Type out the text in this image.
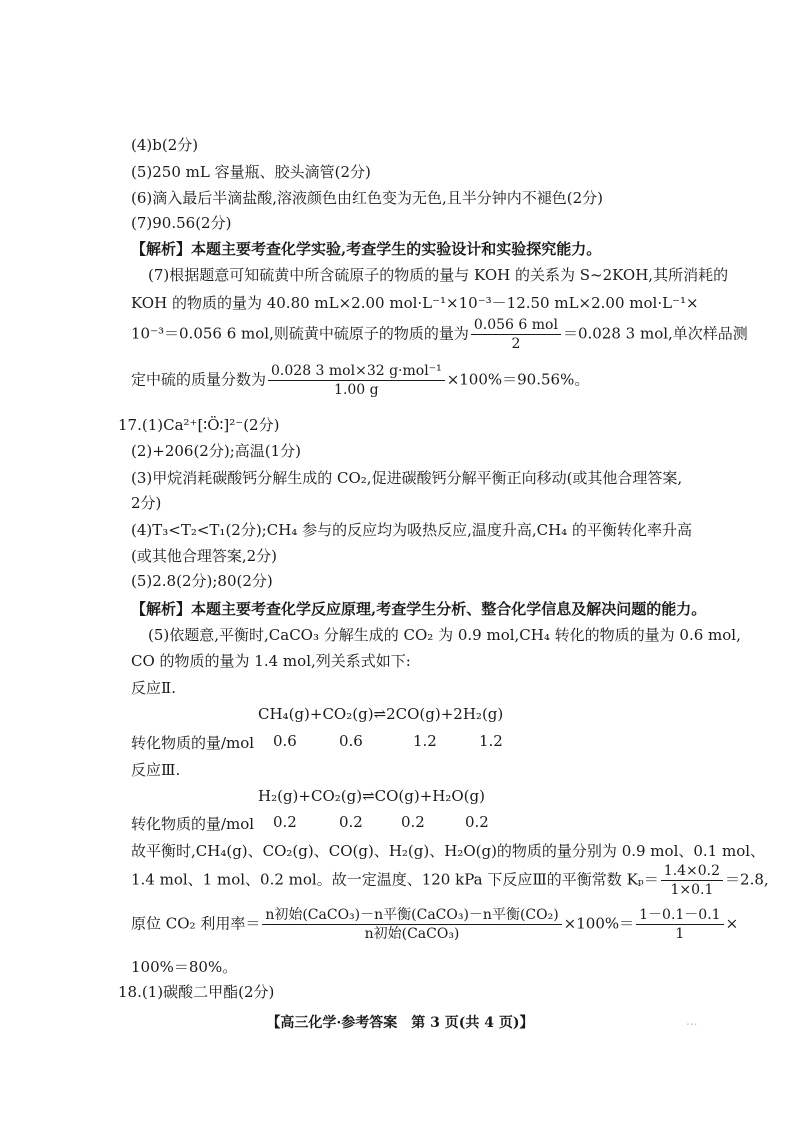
(4)b(2分)
(5)250 mL 容量瓶、胶头滴管(2分)
(6)滴入最后半滴盐酸,溶液颜色由红色变为无色,且半分钟内不褪色(2分)
(7)90.56(2分)
【解析】本题主要考查化学实验,考查学生的实验设计和实验探究能力。
(7)根据题意可知硫黄中所含硫原子的物质的量与 KOH 的关系为 S~2KOH,其所消耗的
KOH 的物质的量为 40.80 mL×2.00 mol·L⁻¹×10⁻³－12.50 mL×2.00 mol·L⁻¹×
10⁻³＝0.056 6 mol,则硫黄中硫原子的物质的量为 $\frac{\text{0.056 6 mol}}{2} =0.028$ 3 mol,单次样品测
定中硫的质量分数为 $\frac{\text{0.028 3 mol×32 g·mol⁻¹}}{1.00 g} \times 100\%=90.56\%$。
17.(1)Ca²⁺[∶Ö∶]²⁻(2分)
(2)+206(2分);高温(1分)
(3)甲烷消耗碳酸钙分解生成的 CO₂,促进碳酸钙分解平衡正向移动(或其他合理答案,
2分)
(4)T₃<T₂<T₁(2分);CH₄ 参与的反应均为吸热反应,温度升高,CH₄ 的平衡转化率升高
(或其他合理答案,2分)
(5)2.8(2分);80(2分)
【解析】本题主要考查化学反应原理,考查学生分析、整合化学信息及解决问题的能力。
(5)依题意,平衡时,CaCO₃ 分解生成的 CO₂ 为 0.9 mol,CH₄ 转化的物质的量为 0.6 mol,
CO 的物质的量为 1.4 mol,列关系式如下:
反应Ⅱ.
CH₄(g)+CO₂(g)⇌2CO(g)+2H₂(g)
转化物质的量/mol 0.6	0.6	1.2	1.2
反应Ⅲ.
H₂(g)+CO₂(g)⇌CO(g)+H₂O(g)
转化物质的量/mol 0.2	0.2	0.2	0.2
故平衡时,CH₄(g)、CO₂(g)、CO(g)、H₂(g)、H₂O(g)的物质的量分别为 0.9 mol、0.1 mol、
1.4 mol、1 mol、0.2 mol。故一定温度、120 kPa 下反应Ⅲ的平衡常数 $K_p= \frac{1.4\times 0.2}{1\times 0.1} =2.8$,
原位 CO₂ 利用率＝ $\frac{\text{n初始(CaCO₃)－n平衡(CaCO₃)－n平衡(CO₂)}}{\text{n初始(CaCO₃)}} \times 100\%= \frac{1-0.1-0.1}{1}$ ×
100%＝80%。
18.(1)碳酸二甲酯(2分)
【高三化学·参考答案　第 3 页(共 4 页)】	...
